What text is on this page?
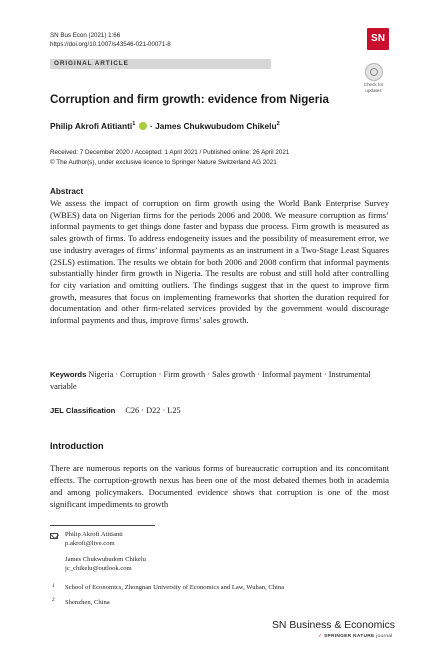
SN Bus Econ (2021) 1:66
https://doi.org/10.1007/s43546-021-00071-8
SN
ORIGINAL ARTICLE
Check for
updates
Corruption and firm growth: evidence from Nigeria
Philip Akrofi Atitianti$^1$ · James Chukwubudom Chikelu$^2$
Received: 7 December 2020 / Accepted: 1 April 2021 / Published online: 26 April 2021
© The Author(s), under exclusive licence to Springer Nature Switzerland AG 2021
Abstract

We assess the impact of corruption on firm growth using the World Bank Enterprise Survey (WBES) data on Nigerian firms for the periods 2006 and 2008. We measure corruption as firms’ informal payments to get things done faster and bypass due process. Firm growth is measured as sales growth of firms. To address endogeneity issues and the possibility of measurement error, we use industry averages of firms’ informal payments as an instrument in a Two-Stage Least Squares (2SLS) estimation. The results we obtain for both 2006 and 2008 confirm that informal payments substantially hinder firm growth in Nigeria. The results are robust and still hold after controlling for city variation and omitting outliers. The findings suggest that in the quest to improve firm growth, measures that focus on implementing frameworks that shorten the duration required for documentation and other firm-related services provided by the government would discourage informal payments and thus, improve firms’ sales growth.

Keywords Nigeria · Corruption · Firm growth · Sales growth · Informal payment · Instrumental variable
JEL Classification C26 · D22 · L25
Introduction

There are numerous reports on the various forms of bureaucratic corruption and its concomitant effects. The corruption-growth nexus has been one of the most debated themes both in academia and among policymakers. Documented evidence shows that corruption is one of the most significant impediments to growth

Philip Akrofi Atitianti
p.akrofi@live.com
James Chukwubudom Chikelu
jc_chikelu@outlook.com
1 School of Economics, Zhongnan University of Economics and Law, Wuhan, China
2 Shenzhen, China
SN Business & Economics
✓ SPRINGER NATURE journal
